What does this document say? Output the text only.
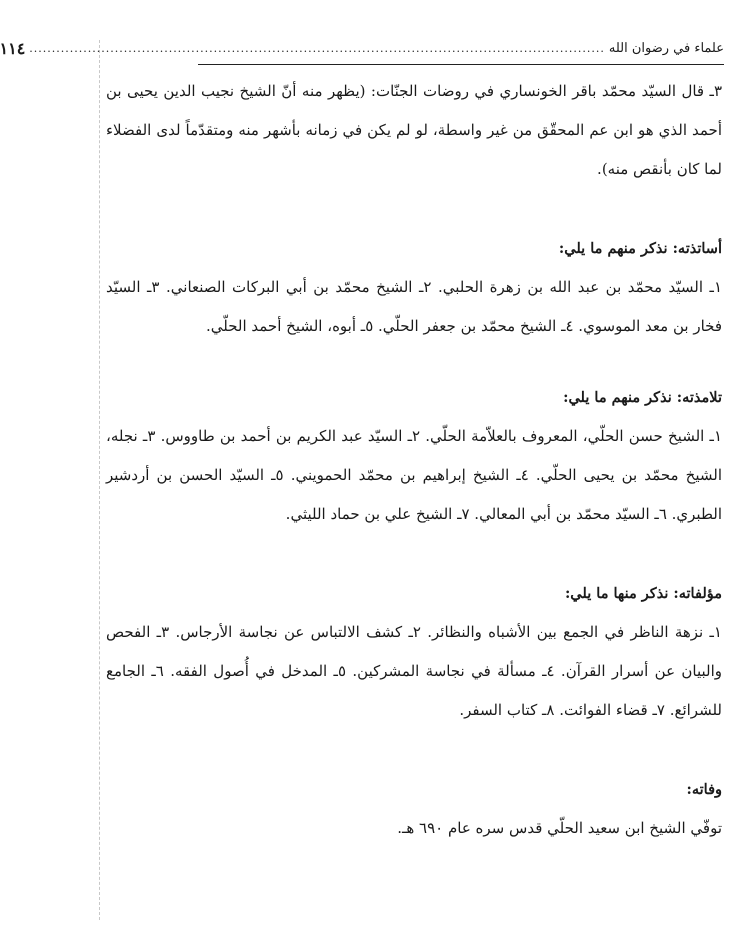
علماء في رضوان الله
................................................................................................................................
١١٤

٣ـ قال السيّد محمّد باقر الخونساري في روضات الجنّات: (يظهر منه أنّ الشيخ نجيب الدين يحيى بن أحمد الذي هو ابن عم المحقّق من غير واسطة، لو لم يكن في زمانه بأشهر منه ومتقدّماً لدى الفضلاء لما كان بأنقص منه).

أساتذته: نذكر منهم ما يلي:

١ـ السيّد محمّد بن عبد الله بن زهرة الحلبي. ٢ـ الشيخ محمّد بن أبي البركات الصنعاني. ٣ـ السيّد فخار بن معد الموسوي. ٤ـ الشيخ محمّد بن جعفر الحلّي. ٥ـ أبوه، الشيخ أحمد الحلّي.

تلامذته: نذكر منهم ما يلي:

١ـ الشيخ حسن الحلّي، المعروف بالعلاّمة الحلّي. ٢ـ السيّد عبد الكريم بن أحمد بن طاووس. ٣ـ نجله، الشيخ محمّد بن يحيى الحلّي. ٤ـ الشيخ إبراهيم بن محمّد الحمويني. ٥ـ السيّد الحسن بن أردشير الطبري. ٦ـ السيّد محمّد بن أبي المعالي. ٧ـ الشيخ علي بن حماد الليثي.

مؤلفاته: نذكر منها ما يلي:

١ـ نزهة الناظر في الجمع بين الأشباه والنظائر. ٢ـ كشف الالتباس عن نجاسة الأرجاس. ٣ـ الفحص والبيان عن أسرار القرآن. ٤ـ مسألة في نجاسة المشركين. ٥ـ المدخل في أُصول الفقه. ٦ـ الجامع للشرائع. ٧ـ قضاء الفوائت. ٨ـ كتاب السفر.

وفاته:

توفّي الشيخ ابن سعيد الحلّي قدس سره عام ٦٩٠ هـ.
